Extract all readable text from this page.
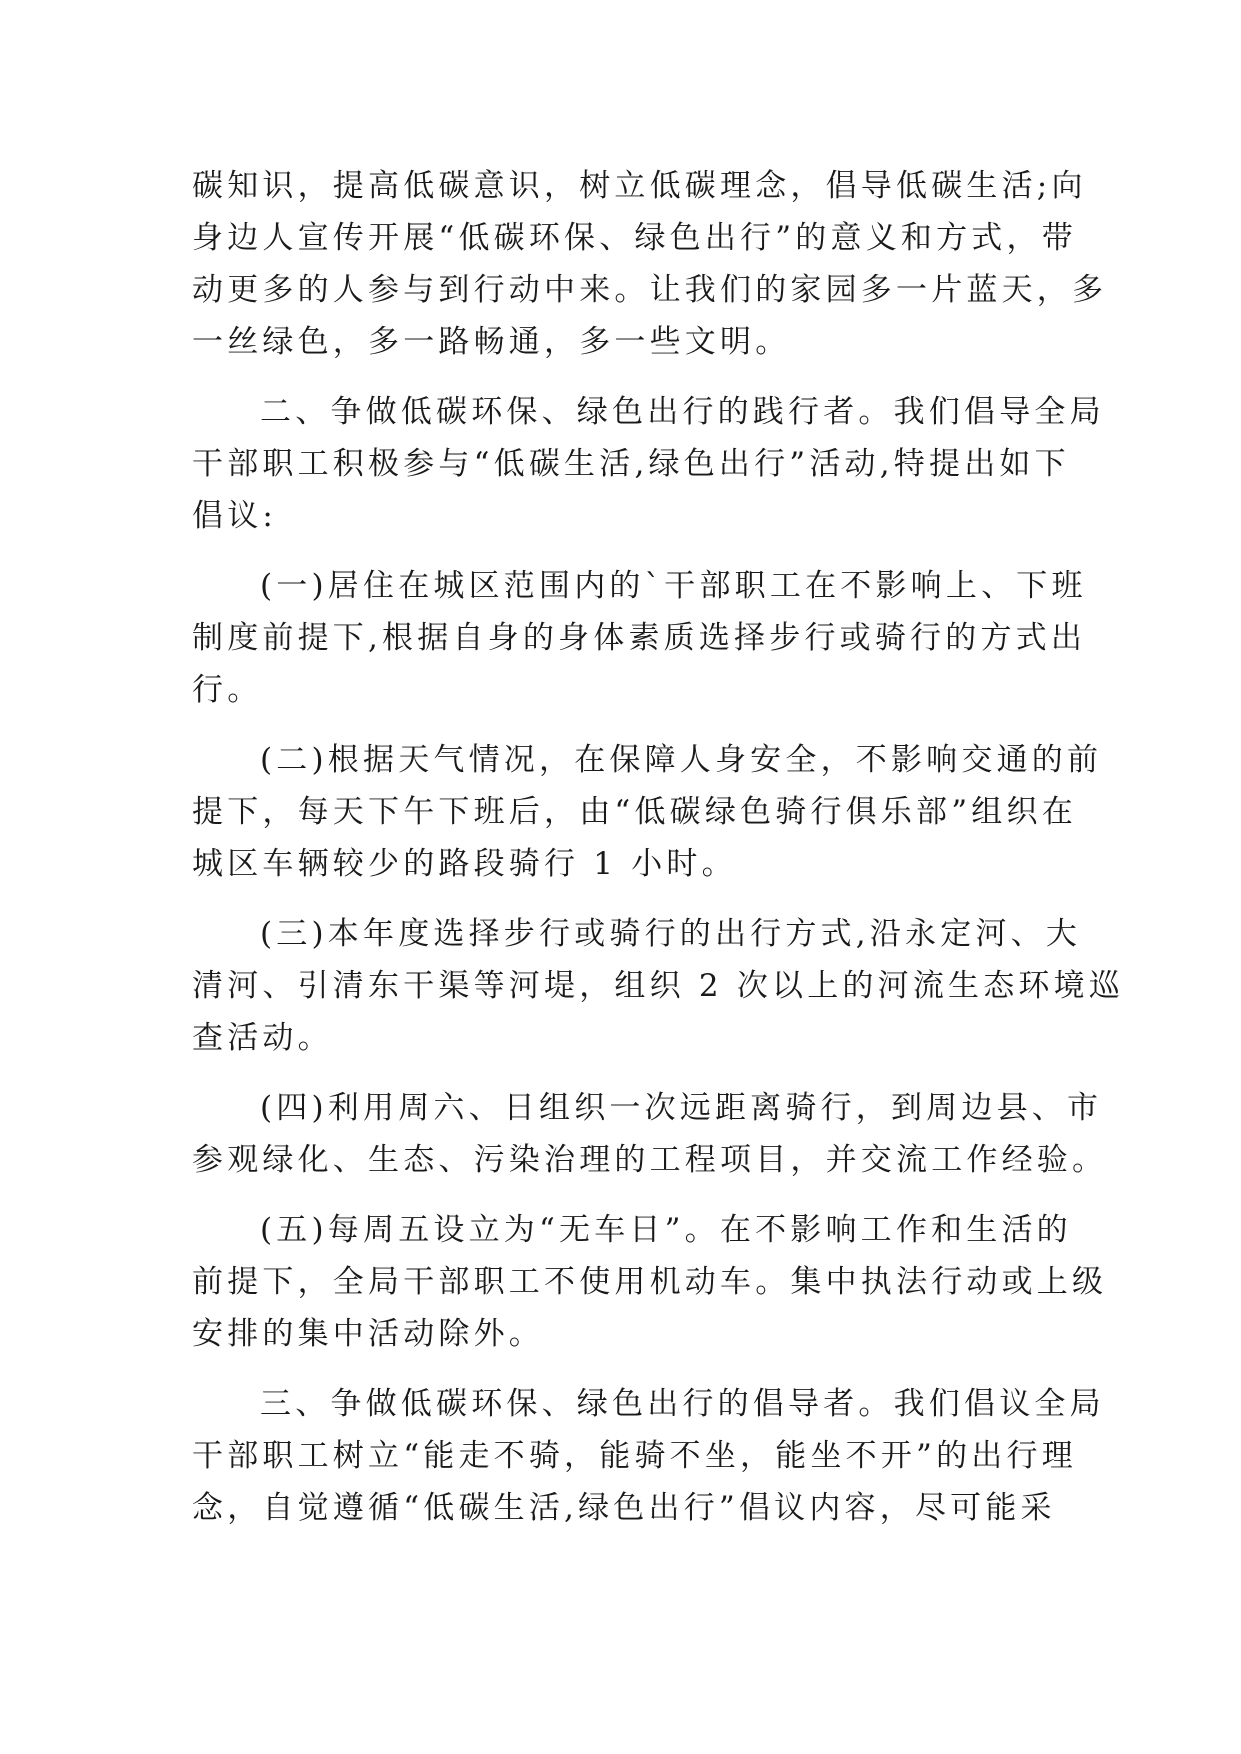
碳知识，提高低碳意识，树立低碳理念，倡导低碳生活;向
身边人宣传开展“低碳环保、绿色出行”的意义和方式，带
动更多的人参与到行动中来。让我们的家园多一片蓝天，多
一丝绿色，多一路畅通，多一些文明。
二、争做低碳环保、绿色出行的践行者。我们倡导全局
干部职工积极参与“低碳生活,绿色出行”活动,特提出如下
倡议:
(一)居住在城区范围内的`干部职工在不影响上、下班
制度前提下,根据自身的身体素质选择步行或骑行的方式出
行。
(二)根据天气情况，在保障人身安全，不影响交通的前
提下，每天下午下班后，由“低碳绿色骑行俱乐部”组织在
城区车辆较少的路段骑行 1 小时。
(三)本年度选择步行或骑行的出行方式,沿永定河、大
清河、引清东干渠等河堤，组织 2 次以上的河流生态环境巡
查活动。
(四)利用周六、日组织一次远距离骑行，到周边县、市
参观绿化、生态、污染治理的工程项目，并交流工作经验。
(五)每周五设立为“无车日”。在不影响工作和生活的
前提下，全局干部职工不使用机动车。集中执法行动或上级
安排的集中活动除外。
三、争做低碳环保、绿色出行的倡导者。我们倡议全局
干部职工树立“能走不骑，能骑不坐，能坐不开”的出行理
念，自觉遵循“低碳生活,绿色出行”倡议内容，尽可能采
